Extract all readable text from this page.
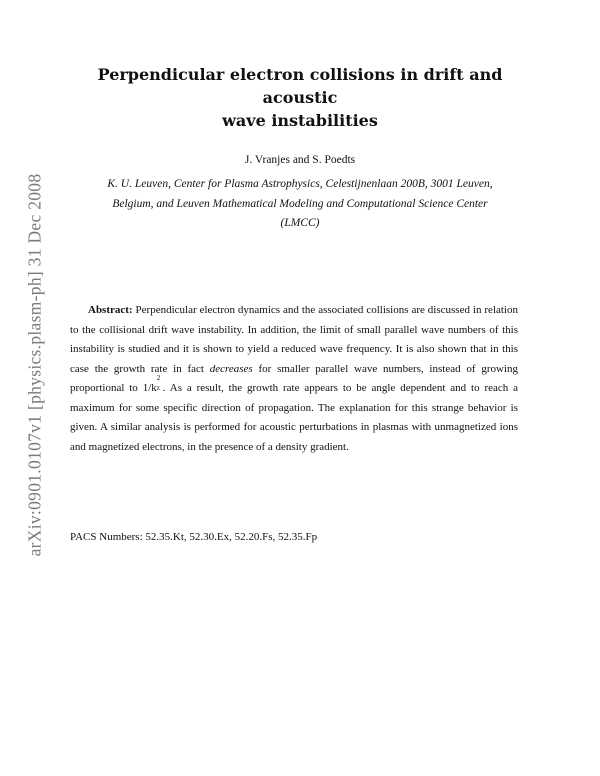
arXiv:0901.0107v1 [physics.plasm-ph] 31 Dec 2008
Perpendicular electron collisions in drift and acoustic
wave instabilities
J. Vranjes and S. Poedts
K. U. Leuven, Center for Plasma Astrophysics, Celestijnenlaan 200B, 3001 Leuven,
Belgium, and Leuven Mathematical Modeling and Computational Science Center
(LMCC)
Abstract: Perpendicular electron dynamics and the associated collisions are discussed in relation to the collisional drift wave instability. In addition, the limit of small parallel wave numbers of this instability is studied and it is shown to yield a reduced wave frequency. It is also shown that in this case the growth rate in fact decreases for smaller parallel wave numbers, instead of growing proportional to 1/k
2
z . As a result, the growth rate appears to be angle dependent and to reach a maximum for some specific direction of propagation. The explanation for this strange behavior is given. A similar analysis is performed for acoustic perturbations in plasmas with unmagnetized ions and magnetized electrons, in the presence of a density gradient.
PACS Numbers: 52.35.Kt, 52.30.Ex, 52.20.Fs, 52.35.Fp
